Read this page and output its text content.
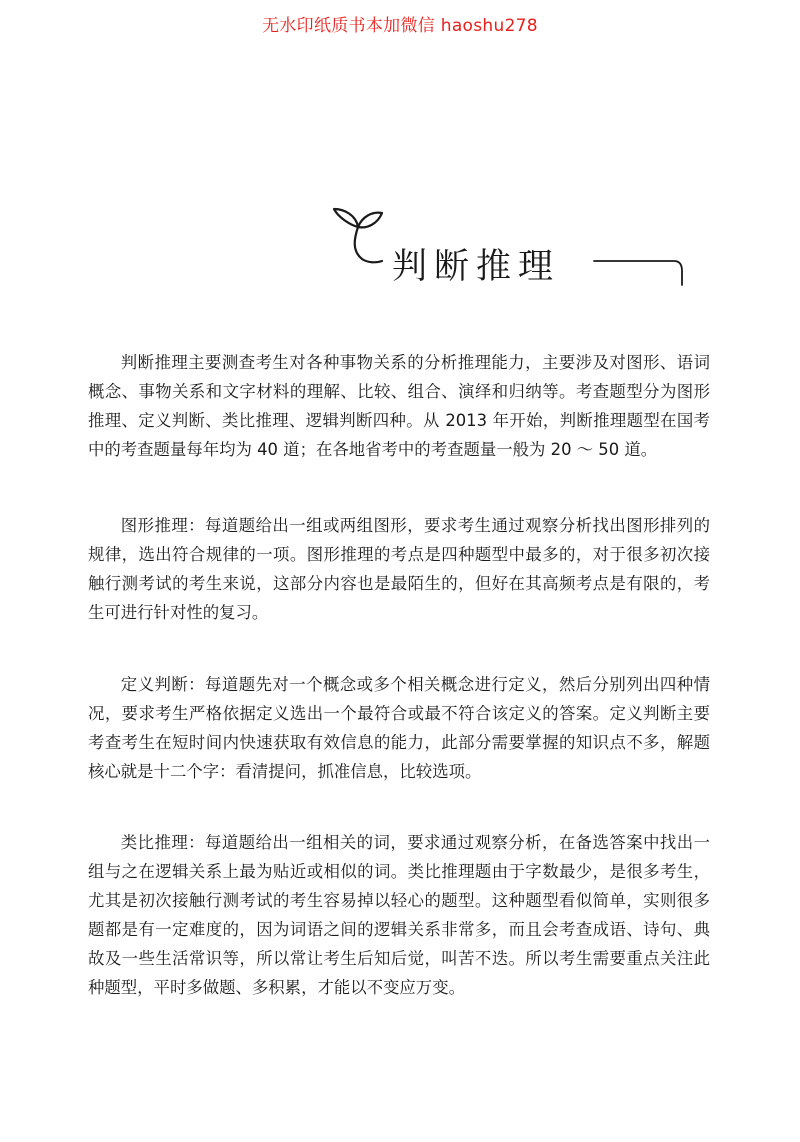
无水印纸质书本加微信 haoshu278
判断推理

判断推理主要测查考生对各种事物关系的分析推理能力，主要涉及对图形、语词概念、事物关系和文字材料的理解、比较、组合、演绎和归纳等。考查题型分为图形推理、定义判断、类比推理、逻辑判断四种。从 2013 年开始，判断推理题型在国考中的考查题量每年均为 40 道；在各地省考中的考查题量一般为 20 ～ 50 道。

图形推理：每道题给出一组或两组图形，要求考生通过观察分析找出图形排列的规律，选出符合规律的一项。图形推理的考点是四种题型中最多的，对于很多初次接触行测考试的考生来说，这部分内容也是最陌生的，但好在其高频考点是有限的，考生可进行针对性的复习。

定义判断：每道题先对一个概念或多个相关概念进行定义，然后分别列出四种情况，要求考生严格依据定义选出一个最符合或最不符合该定义的答案。定义判断主要考查考生在短时间内快速获取有效信息的能力，此部分需要掌握的知识点不多，解题核心就是十二个字：看清提问，抓准信息，比较选项。

类比推理：每道题给出一组相关的词，要求通过观察分析，在备选答案中找出一组与之在逻辑关系上最为贴近或相似的词。类比推理题由于字数最少，是很多考生，尤其是初次接触行测考试的考生容易掉以轻心的题型。这种题型看似简单，实则很多题都是有一定难度的，因为词语之间的逻辑关系非常多，而且会考查成语、诗句、典故及一些生活常识等，所以常让考生后知后觉，叫苦不迭。所以考生需要重点关注此种题型，平时多做题、多积累，才能以不变应万变。
